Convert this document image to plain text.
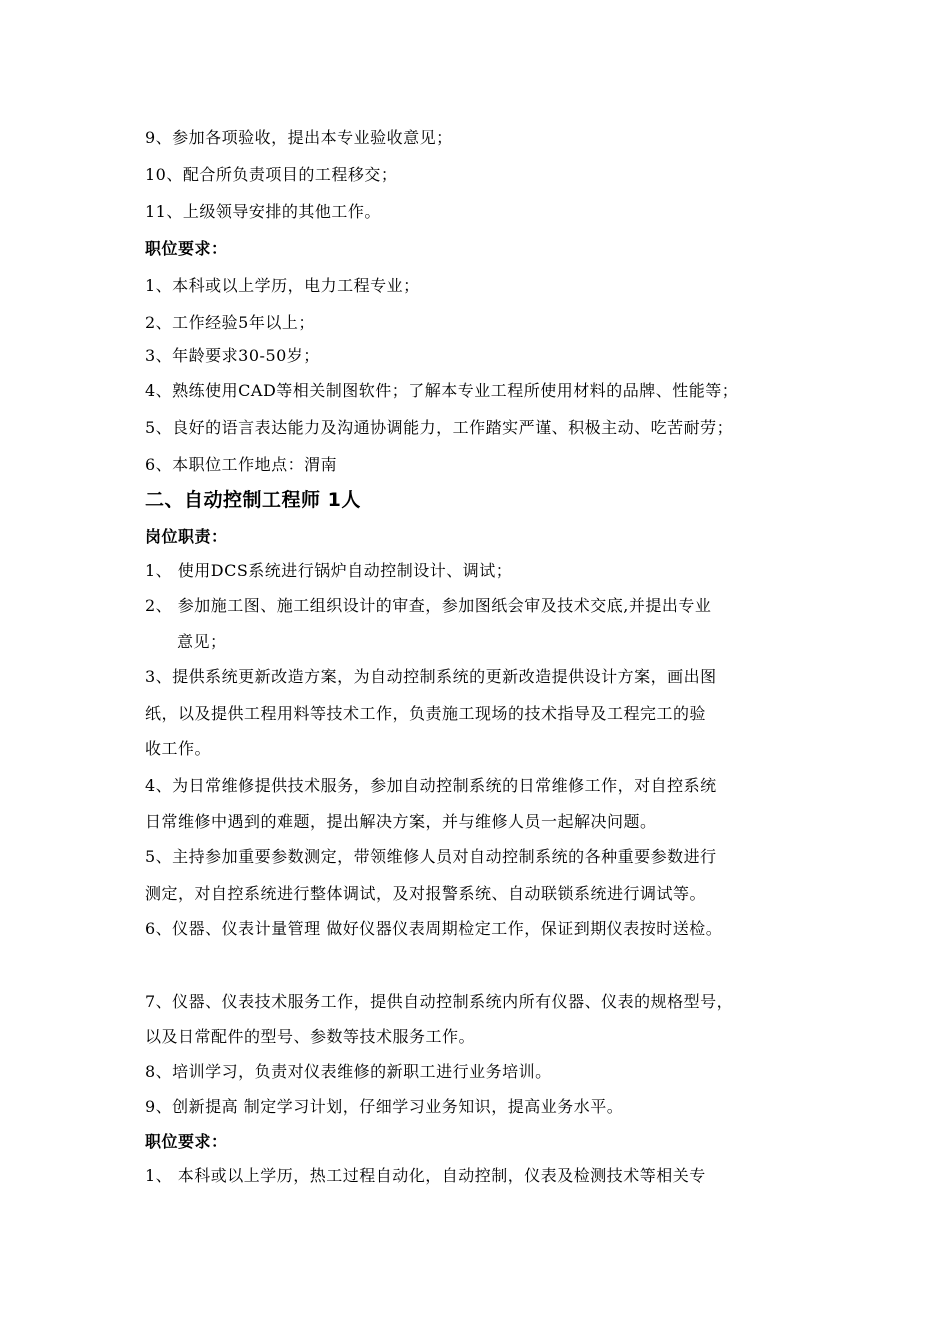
9、参加各项验收，提出本专业验收意见；
10、配合所负责项目的工程移交；
11、上级领导安排的其他工作。
职位要求：
1、本科或以上学历，电力工程专业；
2、工作经验5年以上；
3、年龄要求30-50岁；
4、熟练使用CAD等相关制图软件；了解本专业工程所使用材料的品牌、性能等；
5、良好的语言表达能力及沟通协调能力，工作踏实严谨、积极主动、吃苦耐劳；
6、本职位工作地点：渭南
二、自动控制工程师 1人
岗位职责：
1、 使用DCS系统进行锅炉自动控制设计、调试；
2、 参加施工图、施工组织设计的审查，参加图纸会审及技术交底,并提出专业
意见；
3、提供系统更新改造方案，为自动控制系统的更新改造提供设计方案，画出图
纸，以及提供工程用料等技术工作，负责施工现场的技术指导及工程完工的验
收工作。
4、为日常维修提供技术服务，参加自动控制系统的日常维修工作，对自控系统
日常维修中遇到的难题，提出解决方案，并与维修人员一起解决问题。
5、主持参加重要参数测定，带领维修人员对自动控制系统的各种重要参数进行
测定，对自控系统进行整体调试，及对报警系统、自动联锁系统进行调试等。
6、仪器、仪表计量管理 做好仪器仪表周期检定工作，保证到期仪表按时送检。
7、仪器、仪表技术服务工作，提供自动控制系统内所有仪器、仪表的规格型号，
以及日常配件的型号、参数等技术服务工作。
8、培训学习，负责对仪表维修的新职工进行业务培训。
9、创新提高 制定学习计划，仔细学习业务知识，提高业务水平。
职位要求：
1、 本科或以上学历，热工过程自动化，自动控制，仪表及检测技术等相关专
